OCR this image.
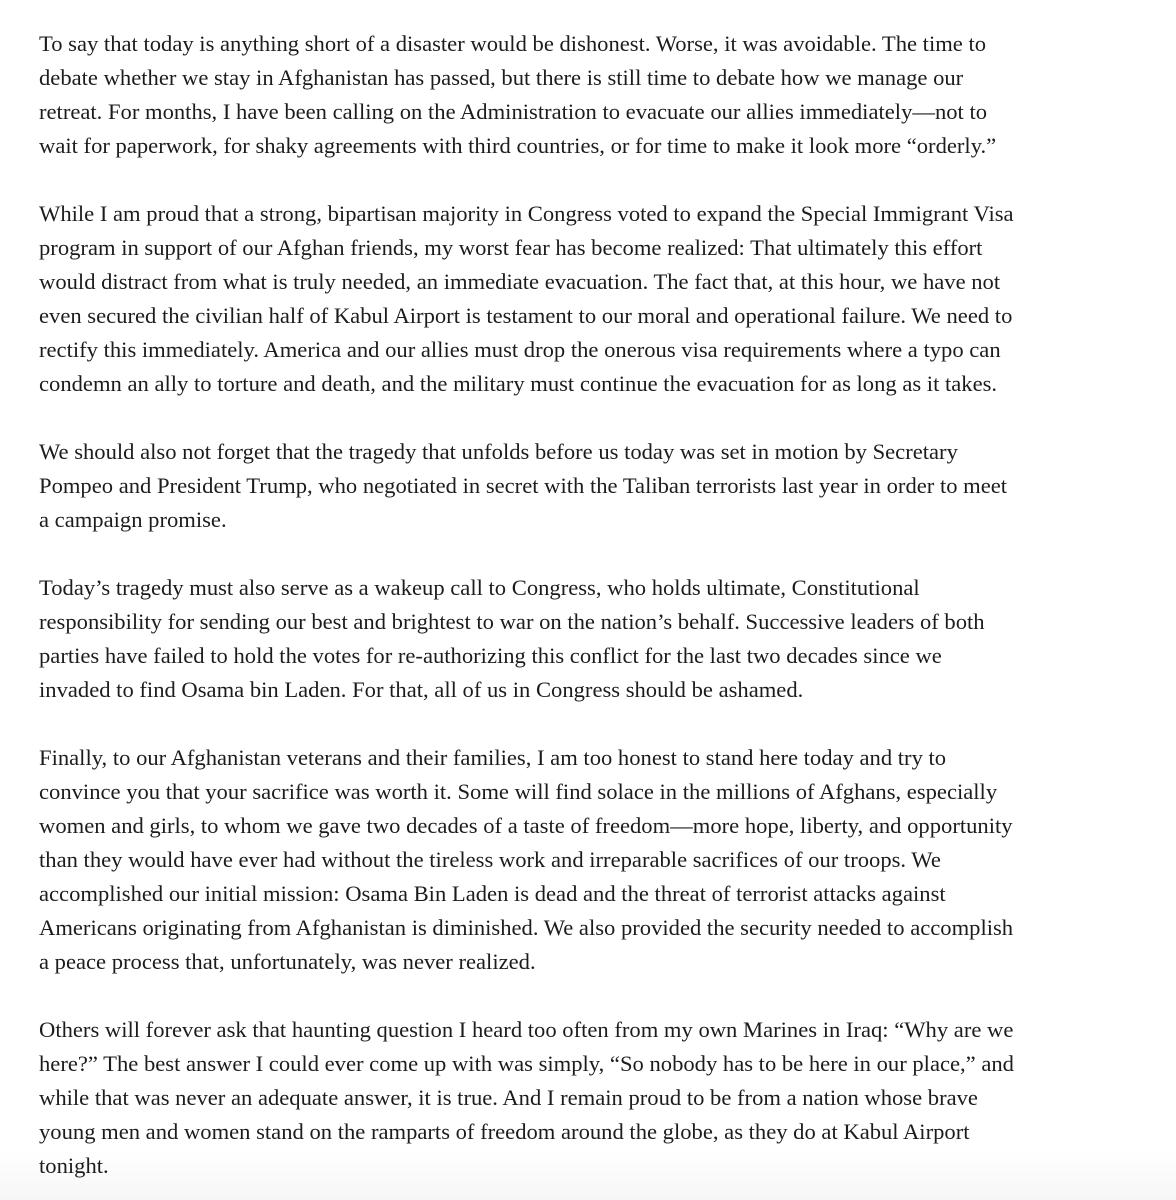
To say that today is anything short of a disaster would be dishonest. Worse, it was avoidable. The time to
debate whether we stay in Afghanistan has passed, but there is still time to debate how we manage our
retreat. For months, I have been calling on the Administration to evacuate our allies immediately—not to
wait for paperwork, for shaky agreements with third countries, or for time to make it look more “orderly.”

While I am proud that a strong, bipartisan majority in Congress voted to expand the Special Immigrant Visa
program in support of our Afghan friends, my worst fear has become realized: That ultimately this effort
would distract from what is truly needed, an immediate evacuation. The fact that, at this hour, we have not
even secured the civilian half of Kabul Airport is testament to our moral and operational failure. We need to
rectify this immediately. America and our allies must drop the onerous visa requirements where a typo can
condemn an ally to torture and death, and the military must continue the evacuation for as long as it takes.

We should also not forget that the tragedy that unfolds before us today was set in motion by Secretary
Pompeo and President Trump, who negotiated in secret with the Taliban terrorists last year in order to meet
a campaign promise.

Today’s tragedy must also serve as a wakeup call to Congress, who holds ultimate, Constitutional
responsibility for sending our best and brightest to war on the nation’s behalf. Successive leaders of both
parties have failed to hold the votes for re-authorizing this conflict for the last two decades since we
invaded to find Osama bin Laden. For that, all of us in Congress should be ashamed.

Finally, to our Afghanistan veterans and their families, I am too honest to stand here today and try to
convince you that your sacrifice was worth it. Some will find solace in the millions of Afghans, especially
women and girls, to whom we gave two decades of a taste of freedom—more hope, liberty, and opportunity
than they would have ever had without the tireless work and irreparable sacrifices of our troops. We
accomplished our initial mission: Osama Bin Laden is dead and the threat of terrorist attacks against
Americans originating from Afghanistan is diminished. We also provided the security needed to accomplish
a peace process that, unfortunately, was never realized.

Others will forever ask that haunting question I heard too often from my own Marines in Iraq: “Why are we
here?” The best answer I could ever come up with was simply, “So nobody has to be here in our place,” and
while that was never an adequate answer, it is true. And I remain proud to be from a nation whose brave
young men and women stand on the ramparts of freedom around the globe, as they do at Kabul Airport
tonight.
